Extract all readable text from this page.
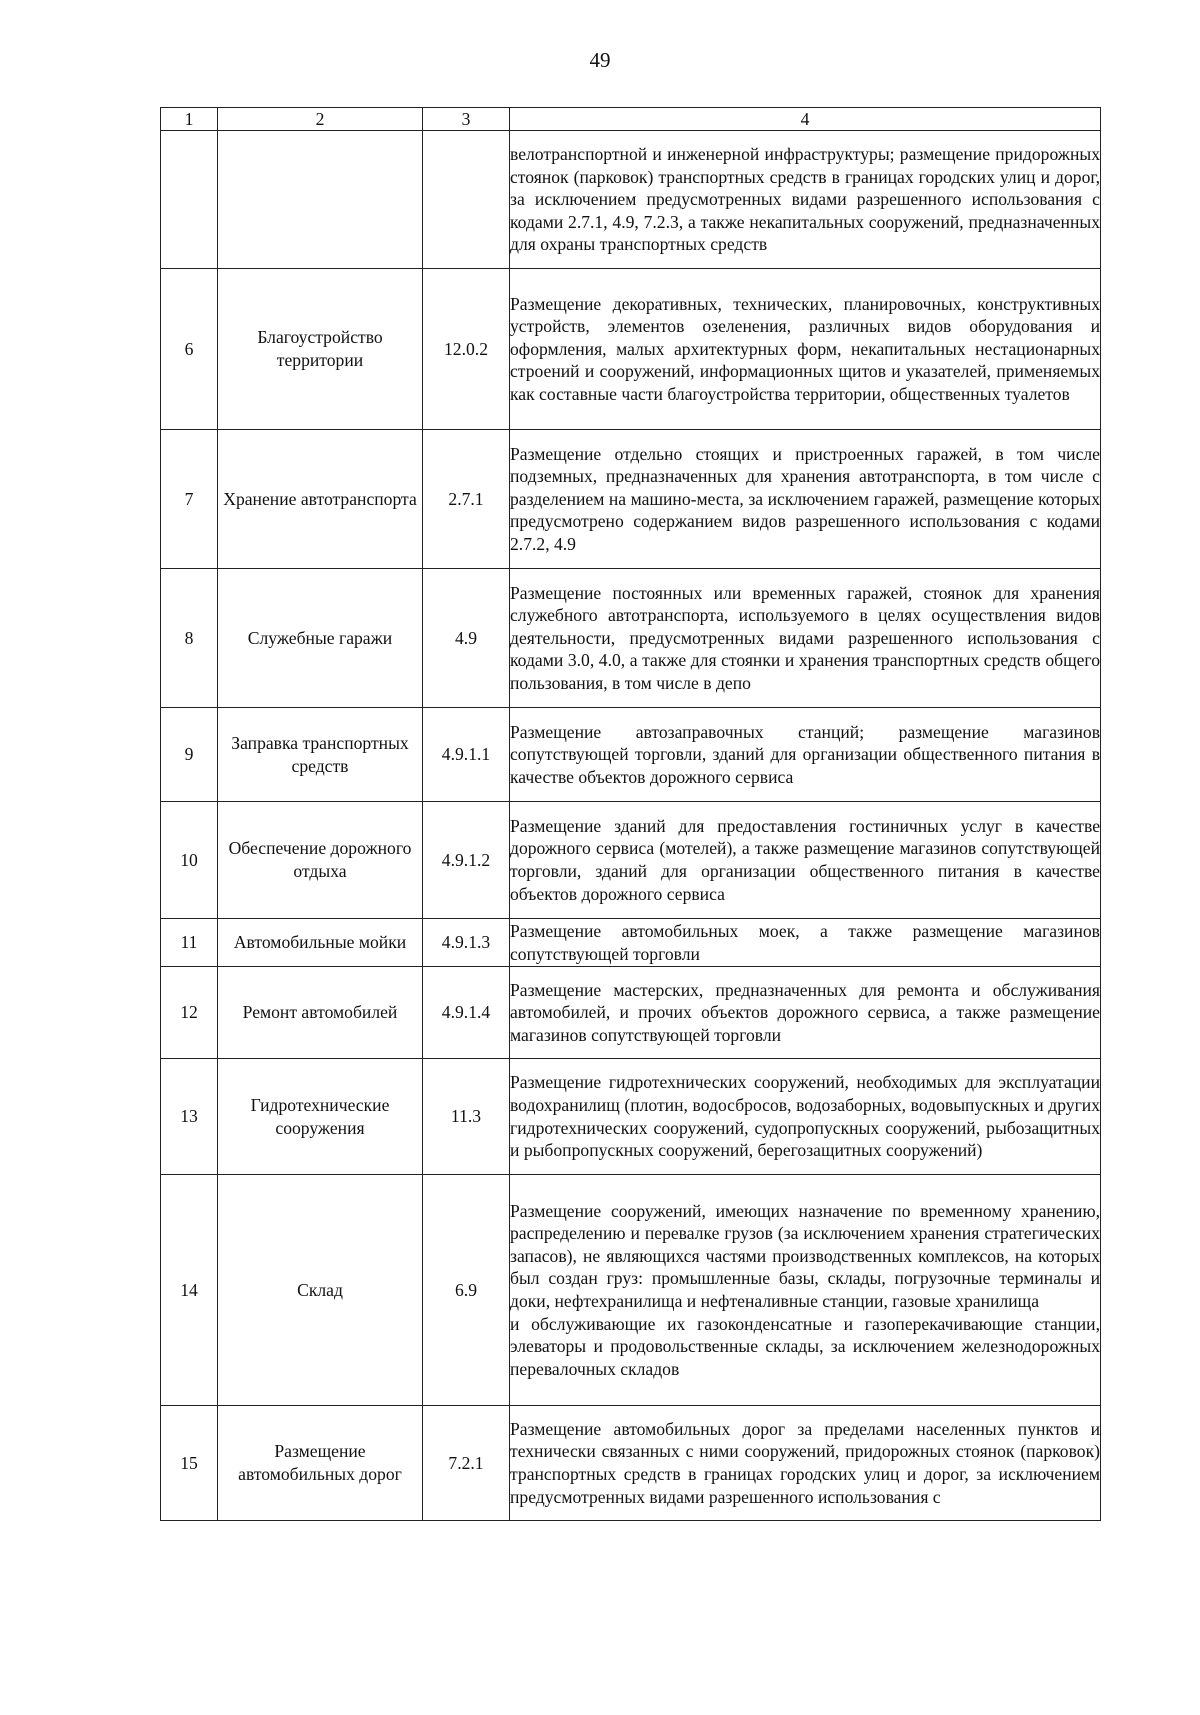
49
1	2	3	4

			велотранспортной и инженерной инфраструктуры; размещение придорожных стоянок (парковок) транспортных средств в границах городских улиц и дорог, за исключением предусмотренных видами разрешенного использования с кодами 2.7.1, 4.9, 7.2.3, а также некапитальных сооружений, предназначенных для охраны транспортных средств

6	Благоустройство территории	12.0.2	Размещение декоративных, технических, планировочных, конструктивных устройств, элементов озеленения, различных видов оборудования и оформления, малых архитектурных форм, некапитальных нестационарных строений и сооружений, информационных щитов и указателей, применяемых как составные части благоустройства территории, общественных туалетов

7	Хранение автотранспорта	2.7.1	Размещение отдельно стоящих и пристроенных гаражей, в том числе подземных, предназначенных для хранения автотранспорта, в том числе с разделением на машино-места, за исключением гаражей, размещение которых предусмотрено содержанием видов разрешенного использования с кодами 2.7.2, 4.9

8	Служебные гаражи	4.9	Размещение постоянных или временных гаражей, стоянок для хранения служебного автотранспорта, используемого в целях осуществления видов деятельности, предусмотренных видами разрешенного использования с кодами 3.0, 4.0, а также для стоянки и хранения транспортных средств общего пользования, в том числе в депо

9	Заправка транспортных средств	4.9.1.1	Размещение автозаправочных станций; размещение магазинов сопутствующей торговли, зданий для организации общественного питания в качестве объектов дорожного сервиса

10	Обеспечение дорожного отдыха	4.9.1.2	Размещение зданий для предоставления гостиничных услуг в качестве дорожного сервиса (мотелей), а также размещение магазинов сопутствующей торговли, зданий для организации общественного питания в качестве объектов дорожного сервиса

11	Автомобильные мойки	4.9.1.3	Размещение автомобильных моек, а также размещение магазинов сопутствующей торговли

12	Ремонт автомобилей	4.9.1.4	Размещение мастерских, предназначенных для ремонта и обслуживания автомобилей, и прочих объектов дорожного сервиса, а также размещение магазинов сопутствующей торговли

13	Гидротехнические сооружения	11.3	Размещение гидротехнических сооружений, необходимых для эксплуатации водохранилищ (плотин, водосбросов, водозаборных, водовыпускных и других гидротехнических сооружений, судопропускных сооружений, рыбозащитных и рыбопропускных сооружений, берегозащитных сооружений)

14	Склад	6.9	Размещение сооружений, имеющих назначение по временному хранению, распределению и перевалке грузов (за исключением хранения стратегических запасов), не являющихся частями производственных комплексов, на которых был создан груз: промышленные базы, склады, погрузочные терминалы и доки, нефтехранилища и нефтеналивные станции, газовые хранилища
и обслуживающие их газоконденсатные и газоперекачивающие станции, элеваторы и продовольственные склады, за исключением железнодорожных перевалочных складов

15	Размещение автомобильных дорог	7.2.1	Размещение автомобильных дорог за пределами населенных пунктов и технически связанных с ними сооружений, придорожных стоянок (парковок) транспортных средств в границах городских улиц и дорог, за исключением предусмотренных видами разрешенного использования с
